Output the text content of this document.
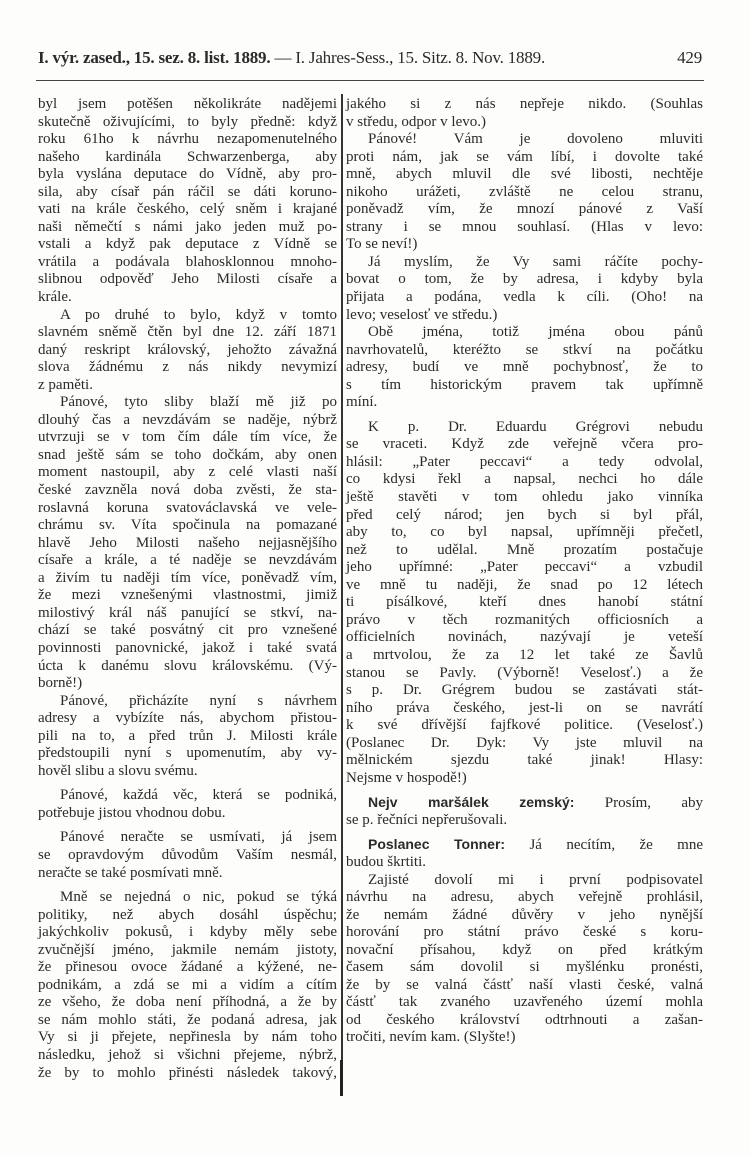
I. výr. zased., 15. sez. 8. list. 1889. — I. Jahres-Sess., 15. Sitz. 8. Nov. 1889.	429
byl jsem potěšen několikráte nadějemi
skutečně oživujícími, to byly předně: když
roku 61ho k návrhu nezapomenutelného
našeho kardinála Schwarzenberga, aby
byla vyslána deputace do Vídně, aby pro-
sila, aby císař pán ráčil se dáti koruno-
vati na krále českého, celý sněm i krajané
naši němečtí s námi jako jeden muž po-
vstali a když pak deputace z Vídně se
vrátila a podávala blahosklonnou mnoho-
slibnou odpověď Jeho Milosti císaře a
krále.
A po druhé to bylo, když v tomto
slavném sněmě čtěn byl dne 12. září 1871
daný reskript královský, jehožto závažná
slova žádnému z nás nikdy nevymizí
z paměti.
Pánové, tyto sliby blaží mě již po
dlouhý čas a nevzdávám se naděje, nýbrž
utvrzuji se v tom čím dále tím více, že
snad ještě sám se toho dočkám, aby onen
moment nastoupil, aby z celé vlasti naší
české zavzněla nová doba zvěsti, že sta-
roslavná koruna svatováclavská ve vele-
chrámu sv. Víta spočinula na pomazané
hlavě Jeho Milosti našeho nejjasnějšího
císaře a krále, a té naděje se nevzdávám
a živím tu naději tím více, poněvadž vím,
že mezi vznešenými vlastnostmi, jimiž
milostivý král náš panující se stkví, na-
chází se také posvátný cit pro vznešené
povinnosti panovnické, jakož i také svatá
úcta k danému slovu královskému. (Vý-
borně!)
Pánové, přicházíte nyní s návrhem
adresy a vybízíte nás, abychom přistou-
pili na to, a před trůn J. Milosti krále
předstoupili nyní s upomenutím, aby vy-
hověl slibu a slovu svému.
Pánové, každá věc, která se podniká,
potřebuje jistou vhodnou dobu.
Pánové neračte se usmívati, já jsem
se opravdovým důvodům Vaším nesmál,
neračte se také posmívati mně.
Mně se nejedná o nic, pokud se týká
politiky, než abych dosáhl úspěchu;
jakýchkoliv pokusů, i kdyby měly sebe
zvučnější jméno, jakmile nemám jistoty,
že přinesou ovoce žádané a kýžené, ne-
podnikám, a zdá se mi a vidím a cítím
ze všeho, že doba není příhodná, a že by
se nám mohlo státi, že podaná adresa, jak
Vy si ji přejete, nepřinesla by nám toho
následku, jehož si všichni přejeme, nýbrž,
že by to mohlo přinésti následek takový,
jakého si z nás nepřeje nikdo. (Souhlas
v středu, odpor v levo.)
Pánové! Vám je dovoleno mluviti
proti nám, jak se vám líbí, i dovolte také
mně, abych mluvil dle své libosti, nechtěje
nikoho urážeti, zvláště ne celou stranu,
poněvadž vím, že mnozí pánové z Vaší
strany i se mnou souhlasí. (Hlas v levo:
To se neví!)
Já myslím, že Vy sami ráčíte pochy-
bovat o tom, že by adresa, i kdyby byla
přijata a podána, vedla k cíli. (Oho! na
levo; veselosť ve středu.)
Obě jména, totiž jména obou pánů
navrhovatelů, kteréžto se stkví na počátku
adresy, budí ve mně pochybnosť, že to
s tím historickým pravem tak upřímně
míní.
K p. Dr. Eduardu Grégrovi nebudu
se vraceti. Když zde veřejně včera pro-
hlásil: „Pater peccavi“ a tedy odvolal,
co kdysi řekl a napsal, nechci ho dále
ještě stavěti v tom ohledu jako vinníka
před celý národ; jen bych si byl přál,
aby to, co byl napsal, upřímněji přečetl,
než to udělal. Mně prozatím postačuje
jeho upřímné: „Pater peccavi“ a vzbudil
ve mně tu naději, že snad po 12 létech
ti písálkové, kteří dnes hanobí státní
právo v těch rozmanitých officiosních a
officielních novinách, nazývají je veteší
a mrtvolou, že za 12 let také ze Šavlů
stanou se Pavly. (Výborně! Veselosť.) a že
s p. Dr. Grégrem budou se zastávati stát-
ního práva českého, jest-li on se navrátí
k své dřívější fajfkové politice. (Veselosť.)
(Poslanec Dr. Dyk: Vy jste mluvil na
mělnickém sjezdu také jinak! Hlasy:
Nejsme v hospodě!)
Nejv maršálek zemský: Prosím, aby
se p. řečníci nepřerušovali.
Poslanec Tonner: Já necítím, že mne
budou škrtiti.
Zajisté dovolí mi i první podpisovatel
návrhu na adresu, abych veřejně prohlásil,
že nemám žádné důvěry v jeho nynější
horování pro státní právo české s koru-
novační přísahou, když on před krátkým
časem sám dovolil si myšlénku pronésti,
že by se valná částť naší vlasti české, valná
částť tak zvaného uzavřeného území mohla
od českého království odtrhnouti a zašan-
tročiti, nevím kam. (Slyšte!)
